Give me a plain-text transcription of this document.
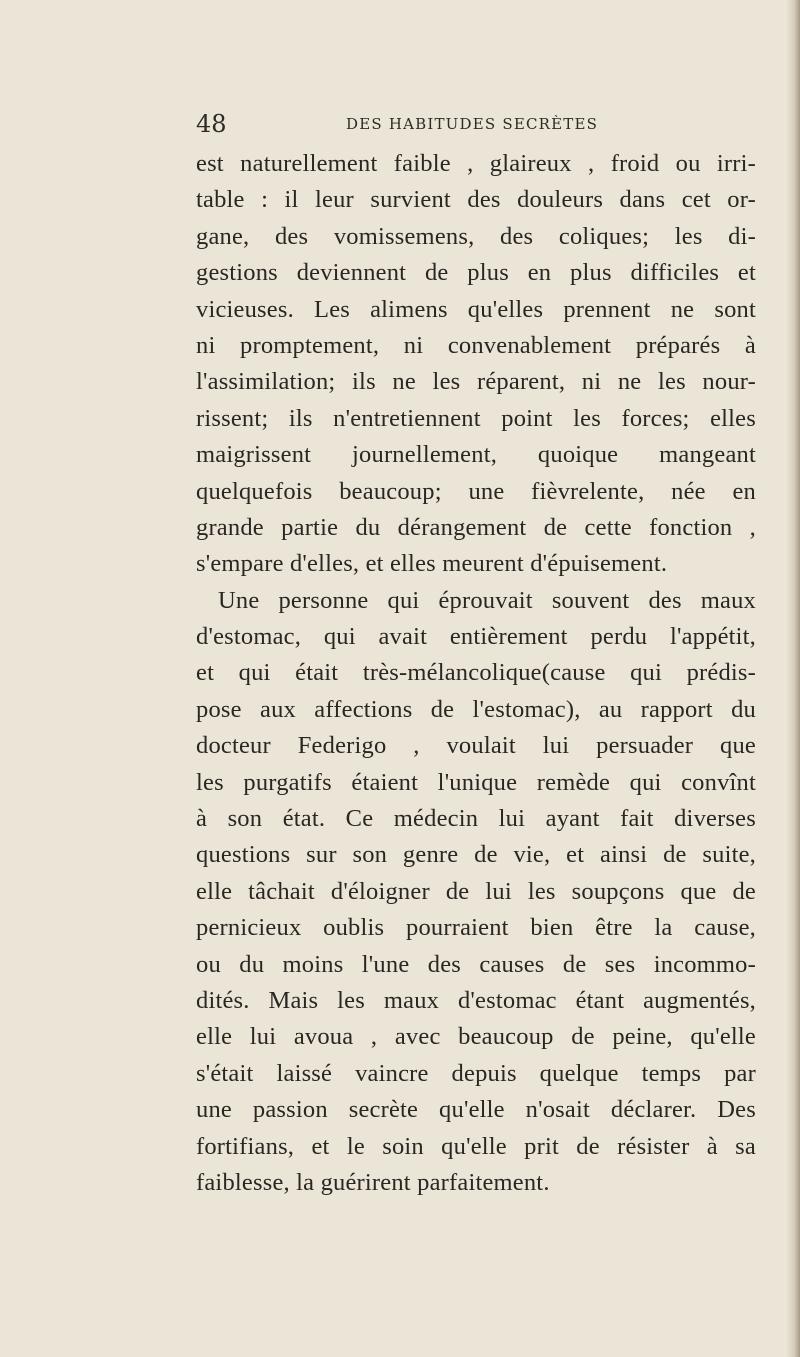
48	DES HABITUDES SECRÈTES
est naturellement faible , glaireux , froid ou irri-
table : il leur survient des douleurs dans cet or-
gane, des vomissemens, des coliques; les di-
gestions deviennent de plus en plus difficiles et
vicieuses. Les alimens qu'elles prennent ne sont
ni promptement, ni convenablement préparés à
l'assimilation; ils ne les réparent, ni ne les nour-
rissent; ils n'entretiennent point les forces; elles
maigrissent journellement, quoique mangeant
quelquefois beaucoup; une fièvrelente, née en
grande partie du dérangement de cette fonction ,
s'empare d'elles, et elles meurent d'épuisement.
Une personne qui éprouvait souvent des maux
d'estomac, qui avait entièrement perdu l'appétit,
et qui était très-mélancolique(cause qui prédis-
pose aux affections de l'estomac), au rapport du
docteur Federigo , voulait lui persuader que
les purgatifs étaient l'unique remède qui convînt
à son état. Ce médecin lui ayant fait diverses
questions sur son genre de vie, et ainsi de suite,
elle tâchait d'éloigner de lui les soupçons que de
pernicieux oublis pourraient bien être la cause,
ou du moins l'une des causes de ses incommo-
dités. Mais les maux d'estomac étant augmentés,
elle lui avoua , avec beaucoup de peine, qu'elle
s'était laissé vaincre depuis quelque temps par
une passion secrète qu'elle n'osait déclarer. Des
fortifians, et le soin qu'elle prit de résister à sa
faiblesse, la guérirent parfaitement.
